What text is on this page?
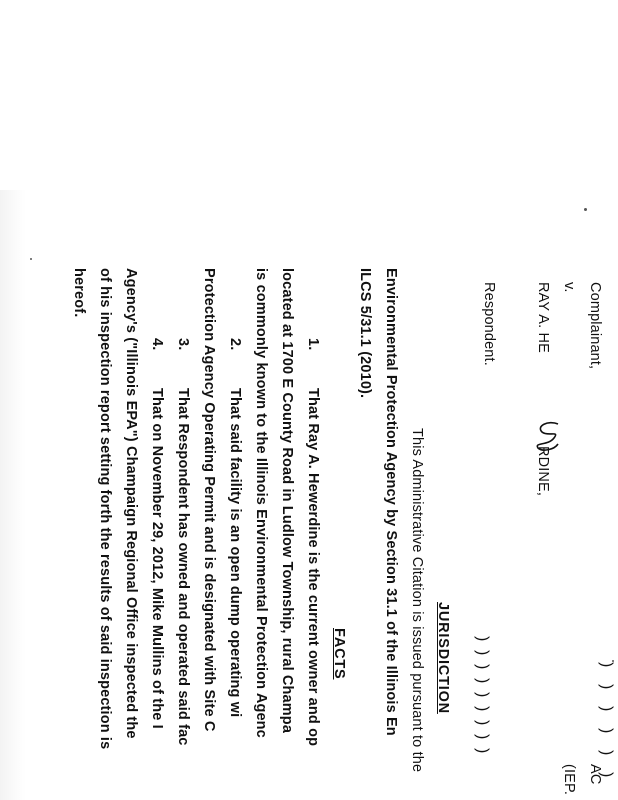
Complainant,
v.
RAY A. HE
RDINE,
Respondent.
)
)
)
)
)
)
)
)
)
)
)
)
)
)
)
AC
(IEP.
JURISDICTION
This Administrative Citation is issued pursuant to the
Environmental Protection Agency by Section 31.1 of the Illinois En
ILCS 5/31.1 (2010).
FACTS
1.
That Ray A. Hewerdine is the current owner and op
located at 1700 E County Road in Ludlow Township, rural Champa
is commonly known to the Illinois Environmental Protection Agenc
2.
That said facility is an open dump operating wi
Protection Agency Operating Permit and is designated with Site C
3.
That Respondent has owned and operated said fac
4.
That on November 29, 2012, Mike Mullins of the I
Agency's ("Illinois EPA") Champaign Regional Office inspected the
of his inspection report setting forth the results of said inspection is
hereof.
